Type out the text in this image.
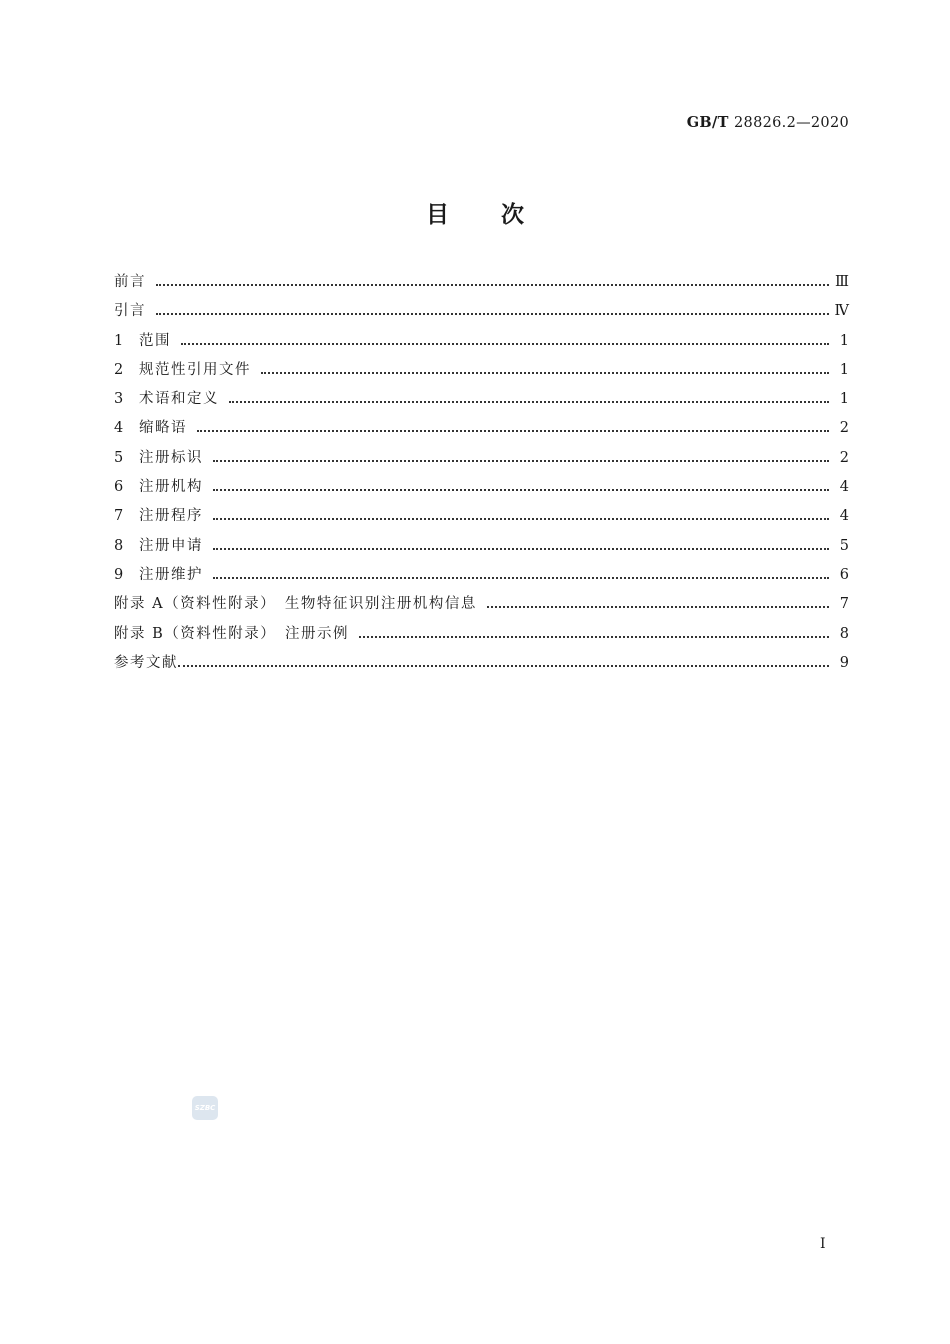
GB/T 28826.2—2020
目 次
前言	Ⅲ
引言	Ⅳ
1	范围	1
2	规范性引用文件	1
3	术语和定义	1
4	缩略语	2
5	注册标识	2
6	注册机构	4
7	注册程序	4
8	注册申请	5
9	注册维护	6
附录 A（资料性附录）　生物特征识别注册机构信息	7
附录 B（资料性附录）　注册示例	8
参考文献	9
SZBC
I
